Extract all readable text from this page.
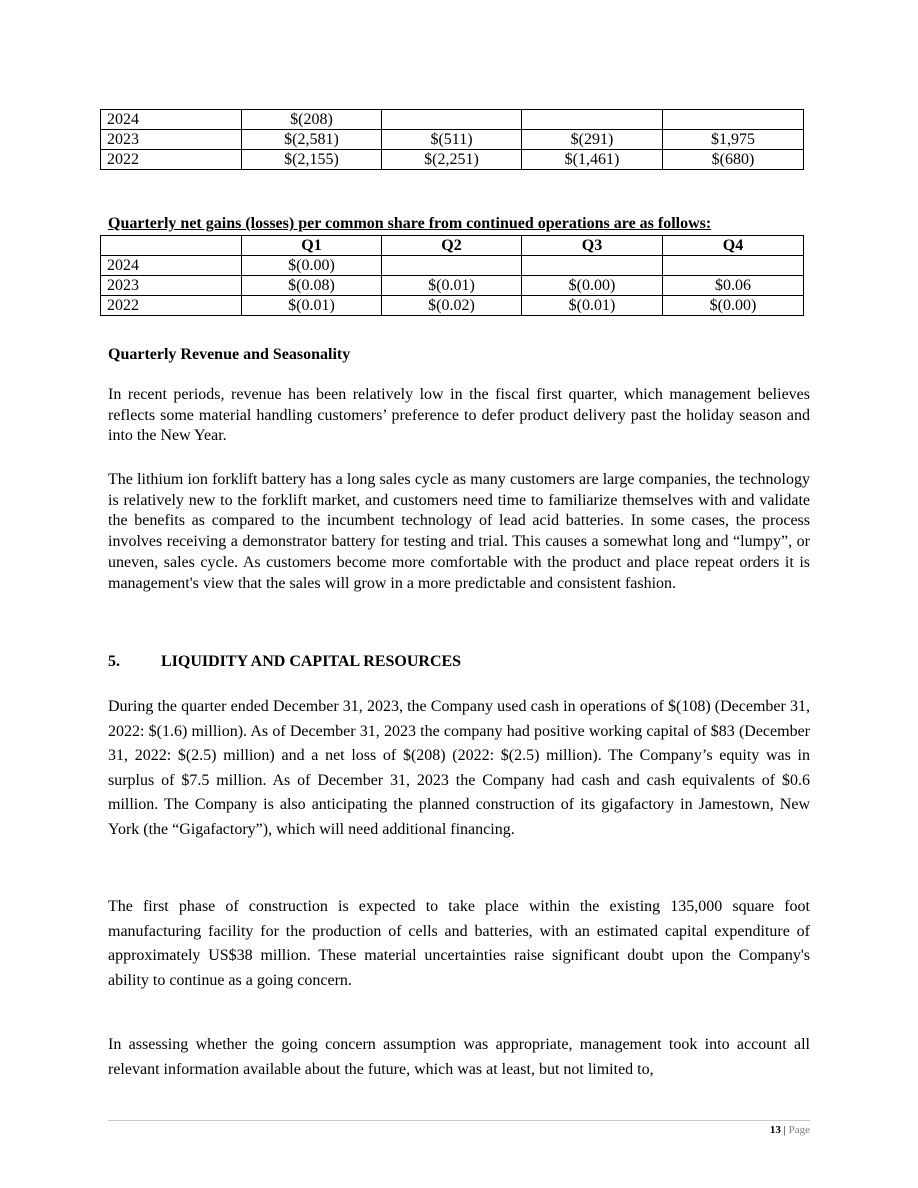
2024	$(208)			
2023	$(2,581)	$(511)	$(291)	$1,975
2022	$(2,155)	$(2,251)	$(1,461)	$(680)
Quarterly net gains (losses) per common share from continued operations are as follows:
	Q1	Q2	Q3	Q4
2024	$(0.00)			
2023	$(0.08)	$(0.01)	$(0.00)	$0.06
2022	$(0.01)	$(0.02)	$(0.01)	$(0.00)

Quarterly Revenue and Seasonality

In recent periods, revenue has been relatively low in the fiscal first quarter, which management believes reflects some material handling customers’ preference to defer product delivery past the holiday season and into the New Year.

The lithium ion forklift battery has a long sales cycle as many customers are large companies, the technology is relatively new to the forklift market, and customers need time to familiarize themselves with and validate the benefits as compared to the incumbent technology of lead acid batteries. In some cases, the process involves receiving a demonstrator battery for testing and trial. This causes a somewhat long and “lumpy”, or uneven, sales cycle. As customers become more comfortable with the product and place repeat orders it is management's view that the sales will grow in a more predictable and consistent fashion.

5.	LIQUIDITY AND CAPITAL RESOURCES

During the quarter ended December 31, 2023, the Company used cash in operations of $(108) (December 31, 2022: $(1.6) million). As of December 31, 2023 the company had positive working capital of $83 (December 31, 2022: $(2.5) million) and a net loss of $(208) (2022: $(2.5) million). The Company’s equity was in surplus of $7.5 million. As of December 31, 2023 the Company had cash and cash equivalents of $0.6 million. The Company is also anticipating the planned construction of its gigafactory in Jamestown, New York (the “Gigafactory”), which will need additional financing.

The first phase of construction is expected to take place within the existing 135,000 square foot manufacturing facility for the production of cells and batteries, with an estimated capital expenditure of approximately US$38 million. These material uncertainties raise significant doubt upon the Company's ability to continue as a going concern.

In assessing whether the going concern assumption was appropriate, management took into account all relevant information available about the future, which was at least, but not limited to,

13 | Page
